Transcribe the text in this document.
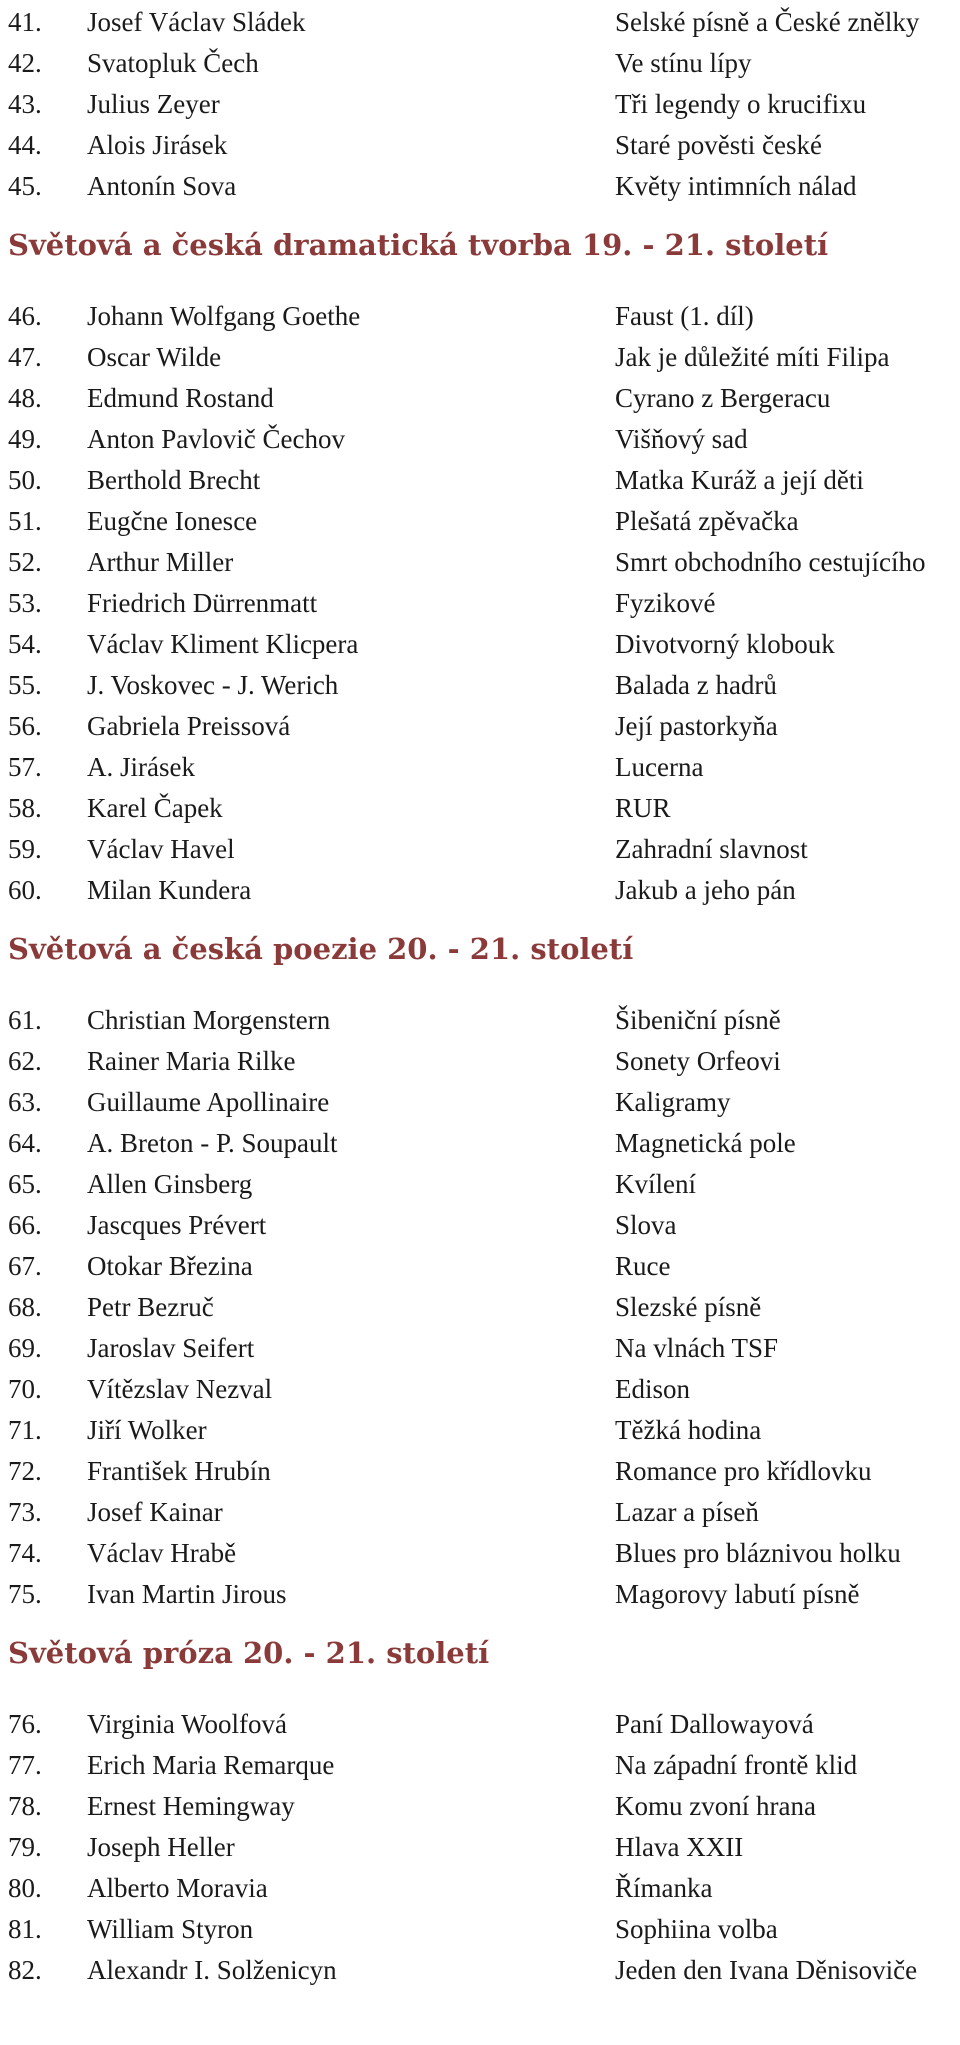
41. Josef Václav Sládek	Selské písně a České znělky
42. Svatopluk Čech	Ve stínu lípy
43. Julius Zeyer	Tři legendy o krucifixu
44. Alois Jirásek	Staré pověsti české
45. Antonín Sova	Květy intimních nálad
Světová a česká dramatická tvorba 19. - 21. století
46. Johann Wolfgang Goethe	Faust (1. díl)
47. Oscar Wilde	Jak je důležité míti Filipa
48. Edmund Rostand	Cyrano z Bergeracu
49. Anton Pavlovič Čechov	Višňový sad
50. Berthold Brecht	Matka Kuráž a její děti
51. Eugčne Ionesce	Plešatá zpěvačka
52. Arthur Miller	Smrt obchodního cestujícího
53. Friedrich Dürrenmatt	Fyzikové
54. Václav Kliment Klicpera	Divotvorný klobouk
55. J. Voskovec - J. Werich	Balada z hadrů
56. Gabriela Preissová	Její pastorkyňa
57. A. Jirásek	Lucerna
58. Karel Čapek	RUR
59. Václav Havel	Zahradní slavnost
60. Milan Kundera	Jakub a jeho pán
Světová a česká poezie 20. - 21. století
61. Christian Morgenstern	Šibeniční písně
62. Rainer Maria Rilke	Sonety Orfeovi
63. Guillaume Apollinaire	Kaligramy
64. A. Breton - P. Soupault	Magnetická pole
65. Allen Ginsberg	Kvílení
66. Jascques Prévert	Slova
67. Otokar Březina	Ruce
68. Petr Bezruč	Slezské písně
69. Jaroslav Seifert	Na vlnách TSF
70. Vítězslav Nezval	Edison
71. Jiří Wolker	Těžká hodina
72. František Hrubín	Romance pro křídlovku
73. Josef Kainar	Lazar a píseň
74. Václav Hrabě	Blues pro bláznivou holku
75. Ivan Martin Jirous	Magorovy labutí písně
Světová próza 20. - 21. století
76. Virginia Woolfová	Paní Dallowayová
77. Erich Maria Remarque	Na západní frontě klid
78. Ernest Hemingway	Komu zvoní hrana
79. Joseph Heller	Hlava XXII
80. Alberto Moravia	Římanka
81. William Styron	Sophiina volba
82. Alexandr I. Solženicyn	Jeden den Ivana Děnisoviče
